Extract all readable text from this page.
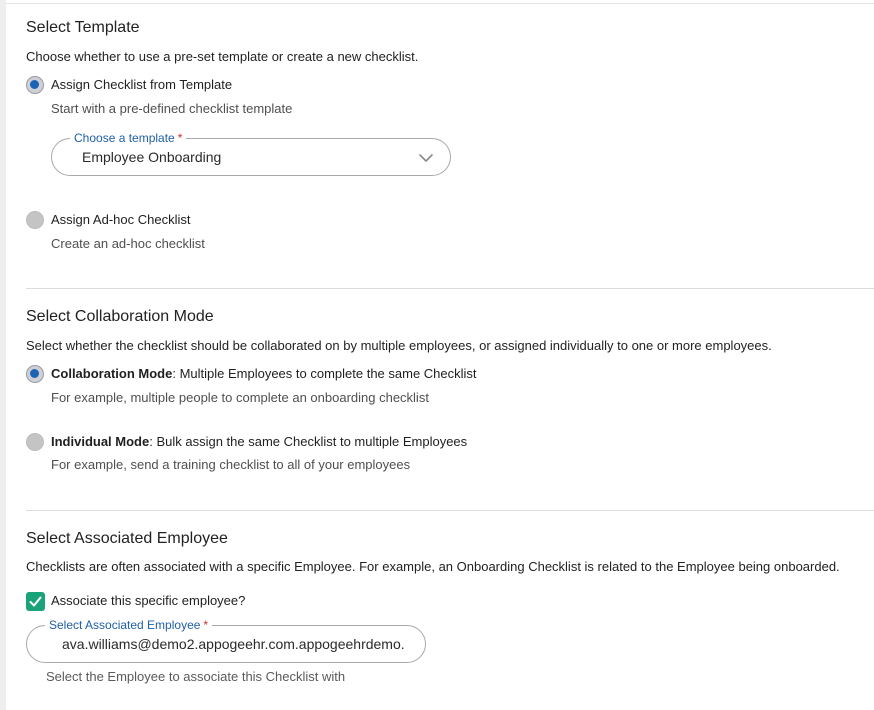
Select Template
Choose whether to use a pre-set template or create a new checklist.
Assign Checklist from Template
Start with a pre-defined checklist template
Choose a template *
Employee Onboarding
Assign Ad-hoc Checklist
Create an ad-hoc checklist
Select Collaboration Mode
Select whether the checklist should be collaborated on by multiple employees, or assigned individually to one or more employees.
Collaboration Mode: Multiple Employees to complete the same Checklist
For example, multiple people to complete an onboarding checklist
Individual Mode: Bulk assign the same Checklist to multiple Employees
For example, send a training checklist to all of your employees
Select Associated Employee
Checklists are often associated with a specific Employee. For example, an Onboarding Checklist is related to the Employee being onboarded.
Associate this specific employee?
Select Associated Employee *
ava.williams@demo2.appogeehr.com.appogeehrdemo.
Select the Employee to associate this Checklist with
